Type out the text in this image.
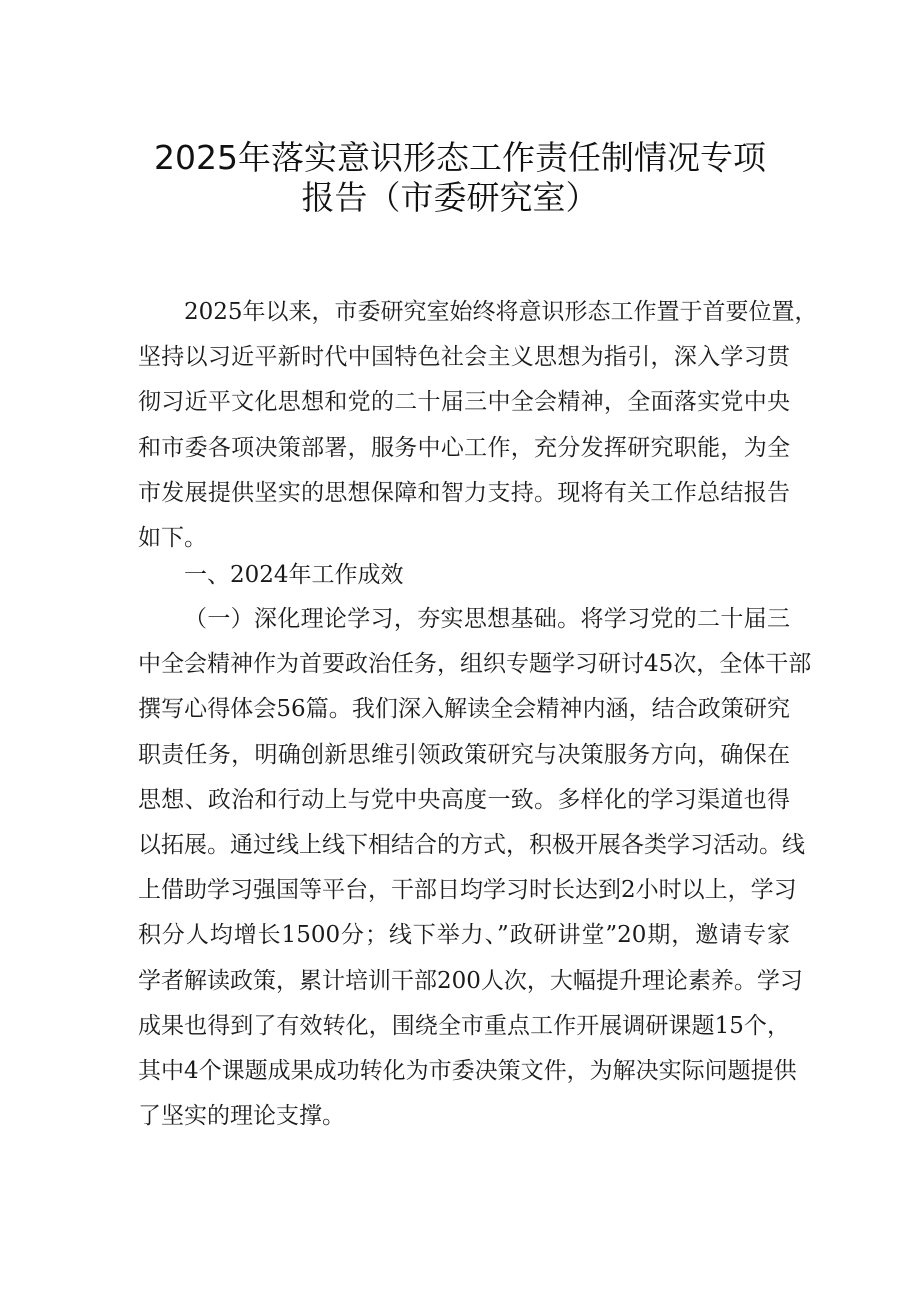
2025年落实意识形态工作责任制情况专项
报告（市委研究室）
2025年以来，市委研究室始终将意识形态工作置于首要位置，
坚持以习近平新时代中国特色社会主义思想为指引，深入学习贯
彻习近平文化思想和党的二十届三中全会精神，全面落实党中央
和市委各项决策部署，服务中心工作，充分发挥研究职能，为全
市发展提供坚实的思想保障和智力支持。现将有关工作总结报告
如下。
一、2024年工作成效
（一）深化理论学习，夯实思想基础。将学习党的二十届三
中全会精神作为首要政治任务，组织专题学习研讨45次，全体干部
撰写心得体会56篇。我们深入解读全会精神内涵，结合政策研究
职责任务，明确创新思维引领政策研究与决策服务方向，确保在
思想、政治和行动上与党中央高度一致。多样化的学习渠道也得
以拓展。通过线上线下相结合的方式，积极开展各类学习活动。线
上借助学习强国等平台，干部日均学习时长达到2小时以上，学习
积分人均增长1500分；线下举力、”政研讲堂”20期，邀请专家
学者解读政策，累计培训干部200人次，大幅提升理论素养。学习
成果也得到了有效转化，围绕全市重点工作开展调研课题15个，
其中4个课题成果成功转化为市委决策文件，为解决实际问题提供
了坚实的理论支撑。
